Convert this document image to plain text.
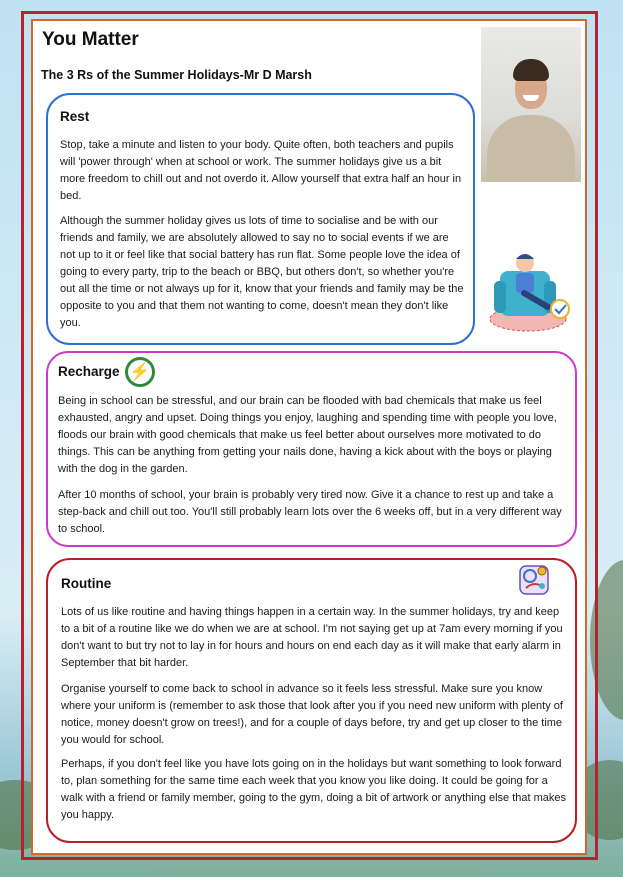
You Matter
The 3 Rs of the Summer Holidays-Mr D Marsh
Rest

Stop, take a minute and listen to your body. Quite often, both teachers and pupils will 'power through' when at school or work. The summer holidays give us a bit more freedom to chill out and not overdo it. Allow yourself that extra half an hour in bed.

Although the summer holiday gives us lots of time to socialise and be with our friends and family, we are absolutely allowed to say no to social events if we are not up to it or feel like that social battery has run flat. Some people love the idea of going to every party, trip to the beach or BBQ, but others don't, so whether you're out all the time or not always up for it, know that your friends and family may be the opposite to you and that them not wanting to come, doesn't mean they don't like you.

Recharge

Being in school can be stressful, and our brain can be flooded with bad chemicals that make us feel exhausted, angry and upset. Doing things you enjoy, laughing and spending time with people you love, floods our brain with good chemicals that make us feel better about ourselves more motivated to do things. This can be anything from getting your nails done, having a kick about with the boys or playing with the dog in the garden.

After 10 months of school, your brain is probably very tired now. Give it a chance to rest up and take a step-back and chill out too. You'll still probably learn lots over the 6 weeks off, but in a very different way to school.

⚡
Routine

Lots of us like routine and having things happen in a certain way. In the summer holidays, try and keep to a bit of a routine like we do when we are at school. I'm not saying get up at 7am every morning if you don't want to but try not to lay in for hours and hours on end each day as it will make that early alarm in September that bit harder.

Organise yourself to come back to school in advance so it feels less stressful. Make sure you know where your uniform is (remember to ask those that look after you if you need new uniform with plenty of notice, money doesn't grow on trees!), and for a couple of days before, try and get up closer to the time you would for school.

Perhaps, if you don't feel like you have lots going on in the holidays but want something to look forward to, plan something for the same time each week that you know you like doing. It could be going for a walk with a friend or family member, going to the gym, doing a bit of artwork or anything else that makes you happy.
